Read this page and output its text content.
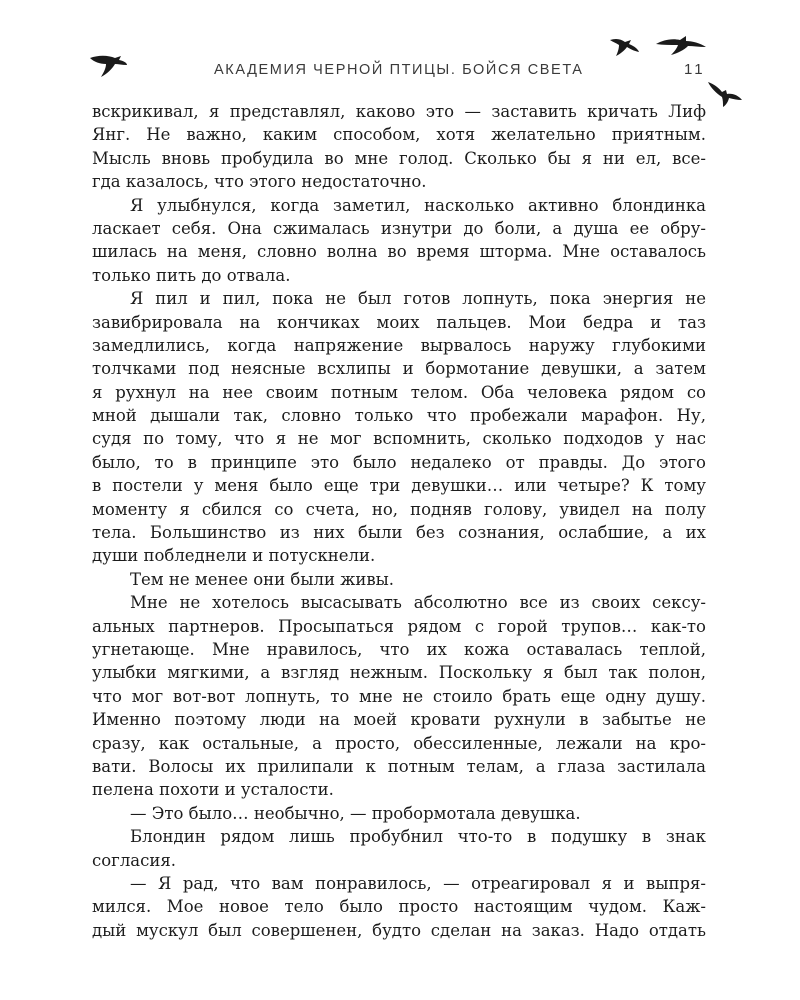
АКАДЕМИЯ ЧЕРНОЙ ПТИЦЫ. БОЙСЯ СВЕТА	11
вскрикивал, я представлял, каково это — заставить кричать Лиф
Янг. Не важно, каким способом, хотя желательно приятным.
Мысль вновь пробудила во мне голод. Сколько бы я ни ел, все-
гда казалось, что этого недостаточно.
Я улыбнулся, когда заметил, насколько активно блондинка
ласкает себя. Она сжималась изнутри до боли, а душа ее обру-
шилась на меня, словно волна во время шторма. Мне оставалось
только пить до отвала.
Я пил и пил, пока не был готов лопнуть, пока энергия не
завибрировала на кончиках моих пальцев. Мои бедра и таз
замедлились, когда напряжение вырвалось наружу глубокими
толчками под неясные всхлипы и бормотание девушки, а затем
я рухнул на нее своим потным телом. Оба человека рядом со
мной дышали так, словно только что пробежали марафон. Ну,
судя по тому, что я не мог вспомнить, сколько подходов у нас
было, то в принципе это было недалеко от правды. До этого
в постели у меня было еще три девушки… или четыре? К тому
моменту я сбился со счета, но, подняв голову, увидел на полу
тела. Большинство из них были без сознания, ослабшие, а их
души побледнели и потускнели.
Тем не менее они были живы.
Мне не хотелось высасывать абсолютно все из своих сексу-
альных партнеров. Просыпаться рядом с горой трупов… как-то
угнетающе. Мне нравилось, что их кожа оставалась теплой,
улыбки мягкими, а взгляд нежным. Поскольку я был так полон,
что мог вот-вот лопнуть, то мне не стоило брать еще одну душу.
Именно поэтому люди на моей кровати рухнули в забытье не
сразу, как остальные, а просто, обессиленные, лежали на кро-
вати. Волосы их прилипали к потным телам, а глаза застилала
пелена похоти и усталости.
— Это было… необычно, — пробормотала девушка.
Блондин рядом лишь пробубнил что-то в подушку в знак
согласия.
— Я рад, что вам понравилось, — отреагировал я и выпря-
мился. Мое новое тело было просто настоящим чудом. Каж-
дый мускул был совершенен, будто сделан на заказ. Надо отдать
